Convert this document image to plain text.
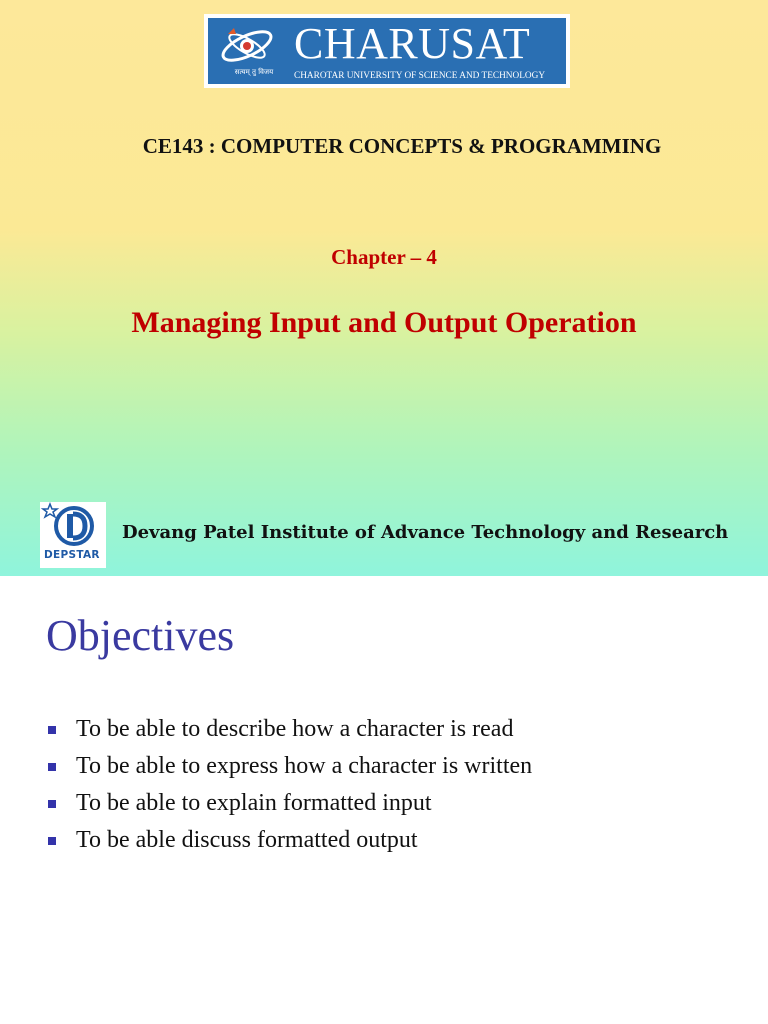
सत्यम् तु विजय
CHARUSAT
CHAROTAR UNIVERSITY OF SCIENCE AND TECHNOLOGY
CE143 : COMPUTER CONCEPTS & PROGRAMMING
Chapter – 4
Managing Input and Output Operation
DEPSTAR
Devang Patel Institute of Advance Technology and Research
Objectives
To be able to describe how a character is read
To be able to express how a character is written
To be able to explain formatted input
To be able discuss formatted output
